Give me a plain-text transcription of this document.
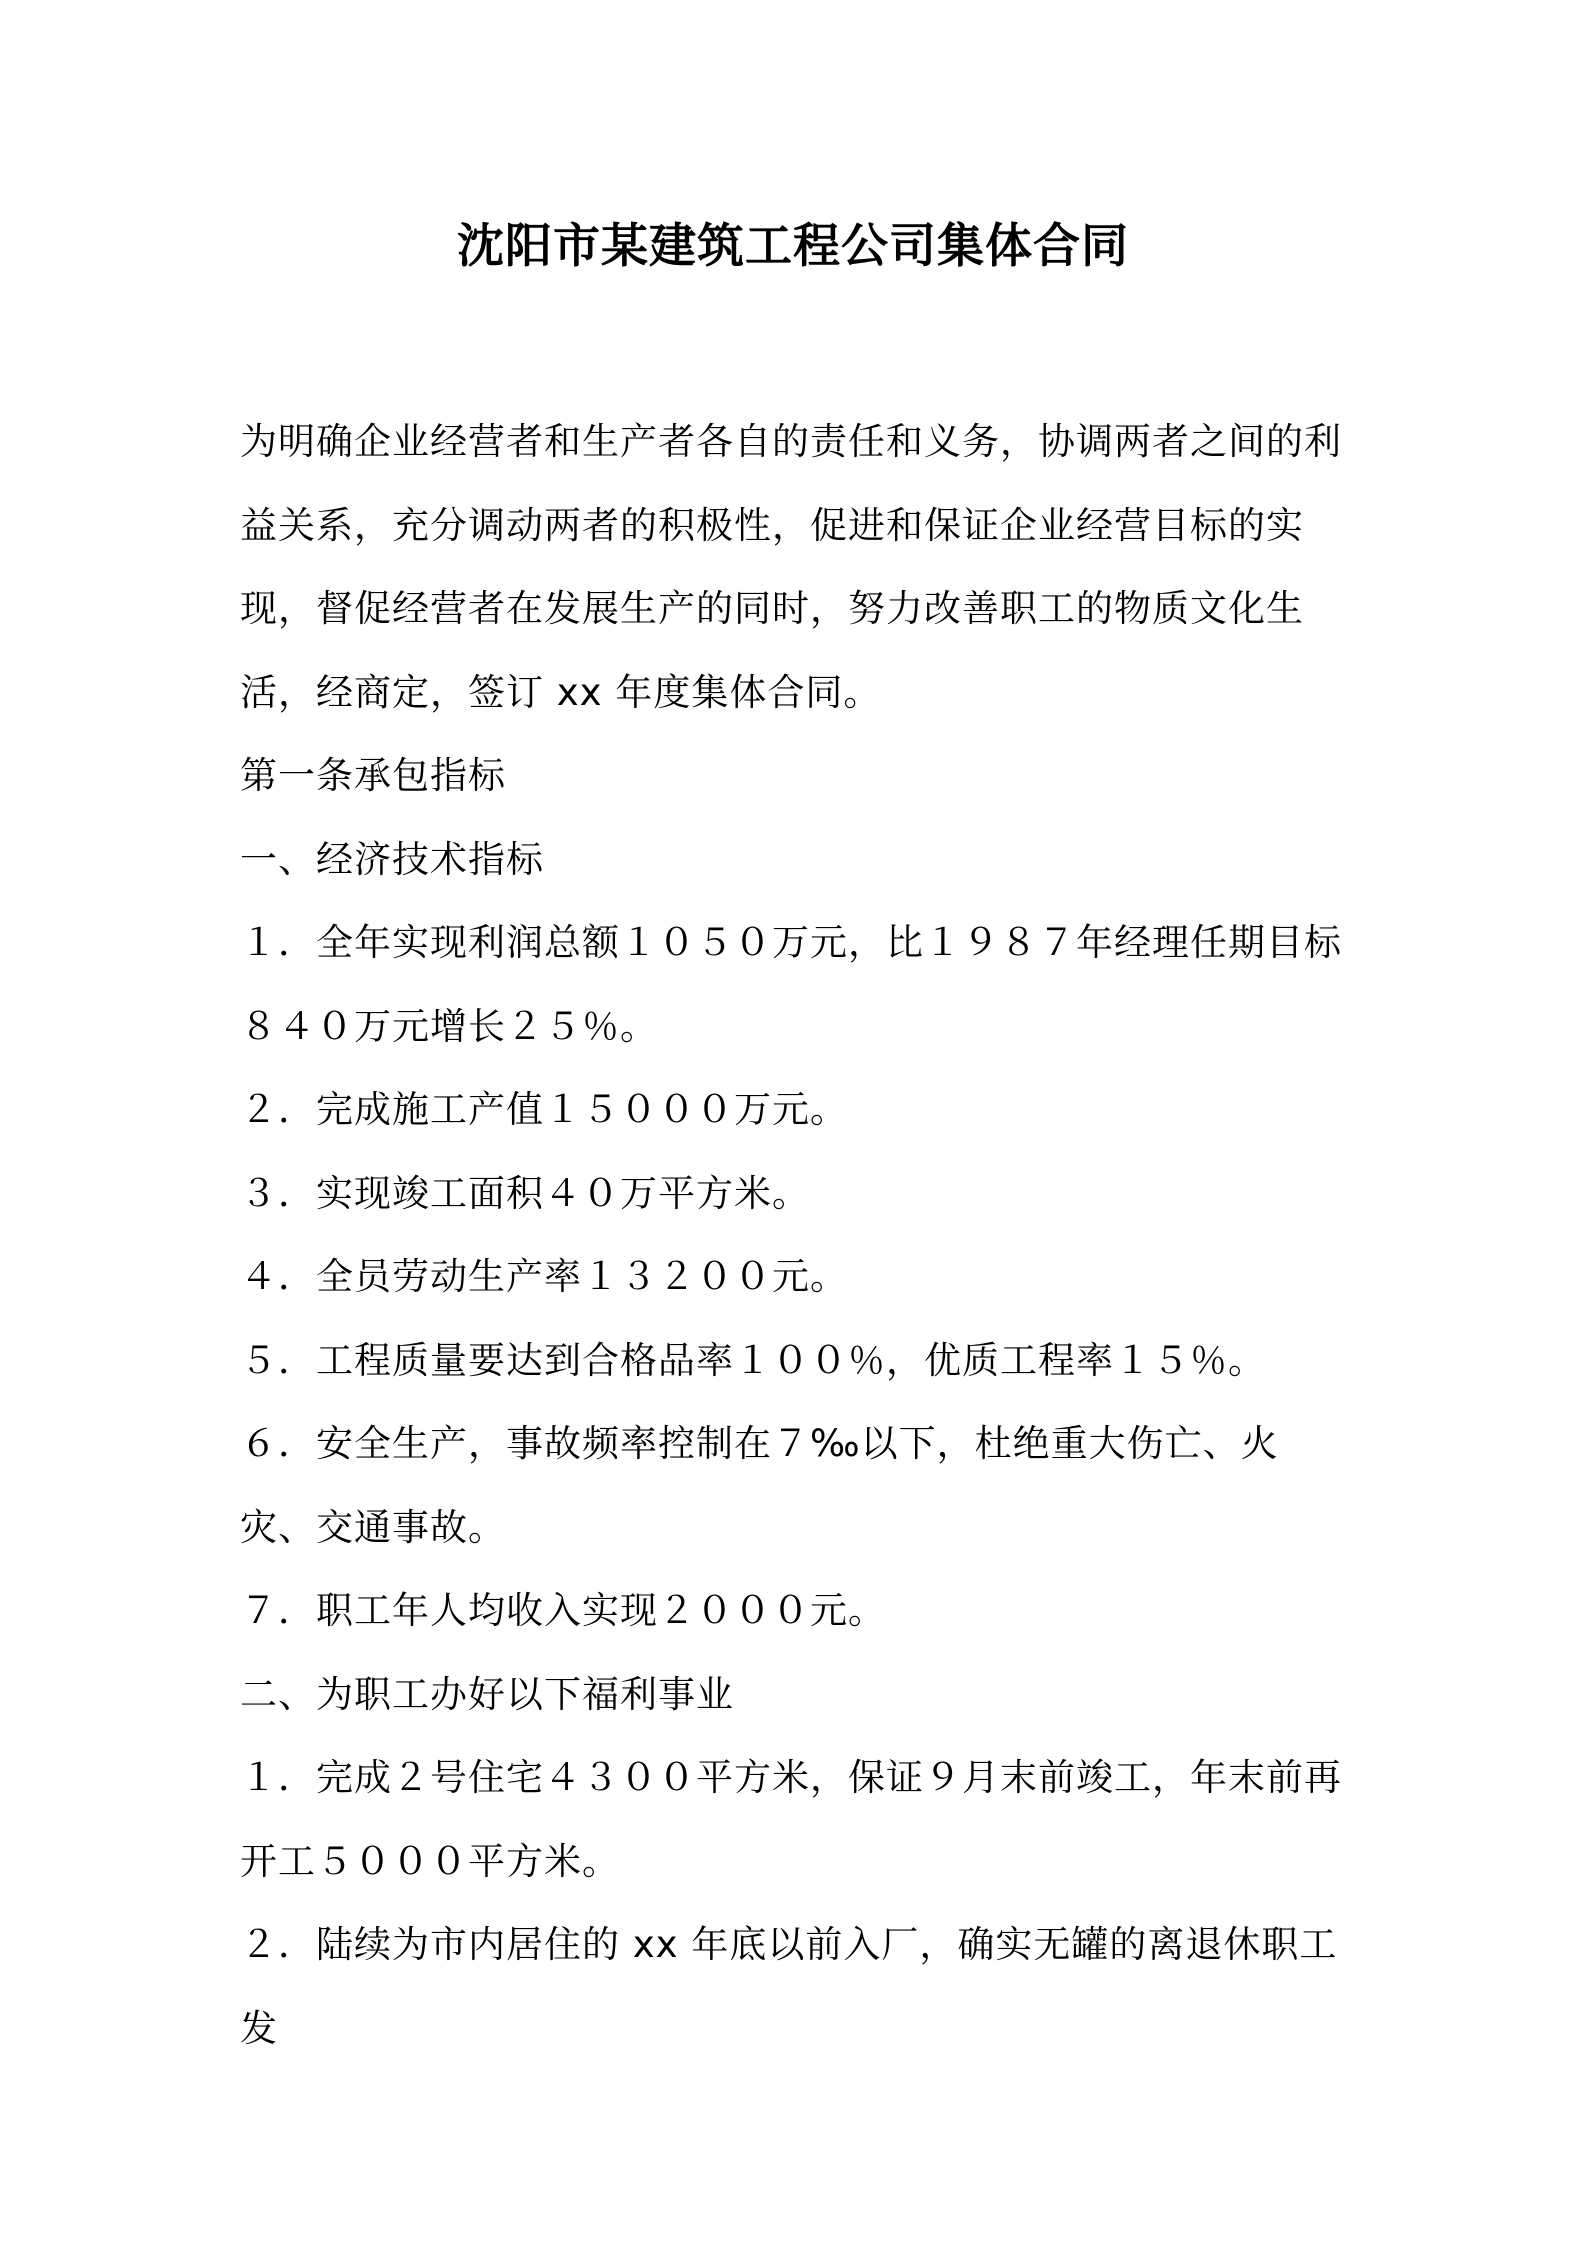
沈阳市某建筑工程公司集体合同

为明确企业经营者和生产者各自的责任和义务，协调两者之间的利益关系，充分调动两者的积极性，促进和保证企业经营目标的实现，督促经营者在发展生产的同时，努力改善职工的物质文化生活，经商定，签订 xx 年度集体合同。

第一条承包指标

一、经济技术指标

１．全年实现利润总额１０５０万元，比１９８７年经理任期目标８４０万元增长２５％。

２．完成施工产值１５０００万元。

３．实现竣工面积４０万平方米。

４．全员劳动生产率１３２００元。

５．工程质量要达到合格品率１００％，优质工程率１５％。

６．安全生产，事故频率控制在７‰以下，杜绝重大伤亡、火灾、交通事故。

７．职工年人均收入实现２０００元。

二、为职工办好以下福利事业

１．完成２号住宅４３００平方米，保证９月末前竣工，年末前再开工５０００平方米。

２．陆续为市内居住的 xx 年底以前入厂，确实无罐的离退休职工发
